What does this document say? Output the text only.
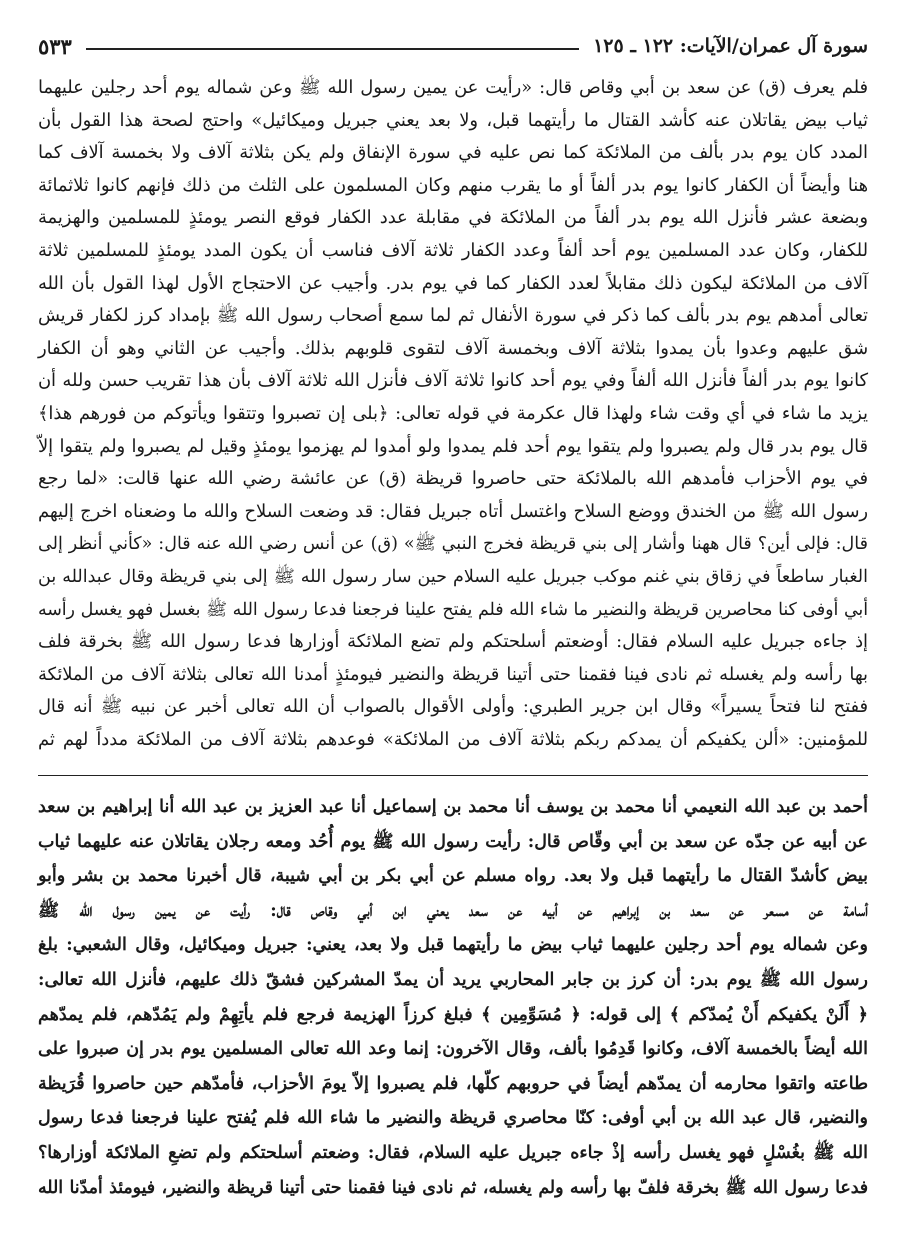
سورة آل عمران/الآيات: ١٢٢ ـ ١٢٥
٥٣٣

فلم يعرف (ق) عن سعد بن أبي وقاص قال: «رأيت عن يمين رسول الله ﷺ وعن شماله يوم أحد رجلين عليهما

ثياب بيض يقاتلان عنه كأشد القتال ما رأيتهما قبل، ولا بعد يعني جبريل وميكائيل» واحتج لصحة هذا القول بأن

المدد كان يوم بدر بألف من الملائكة كما نص عليه في سورة الإنفاق ولم يكن بثلاثة آلاف ولا بخمسة آلاف كما

هنا وأيضاً أن الكفار كانوا يوم بدر ألفاً أو ما يقرب منهم وكان المسلمون على الثلث من ذلك فإنهم كانوا ثلاثمائة

وبضعة عشر فأنزل الله يوم بدر ألفاً من الملائكة في مقابلة عدد الكفار فوقع النصر يومئذٍ للمسلمين والهزيمة

للكفار، وكان عدد المسلمين يوم أحد ألفاً وعدد الكفار ثلاثة آلاف فناسب أن يكون المدد يومئذٍ للمسلمين ثلاثة

آلاف من الملائكة ليكون ذلك مقابلاً لعدد الكفار كما في يوم بدر. وأجيب عن الاحتجاج الأول لهذا القول بأن الله

تعالى أمدهم يوم بدر بألف كما ذكر في سورة الأنفال ثم لما سمع أصحاب رسول الله ﷺ بإمداد كرز لكفار قريش

شق عليهم وعدوا بأن يمدوا بثلاثة آلاف وبخمسة آلاف لتقوى قلوبهم بذلك. وأجيب عن الثاني وهو أن الكفار

كانوا يوم بدر ألفاً فأنزل الله ألفاً وفي يوم أحد كانوا ثلاثة آلاف فأنزل الله ثلاثة آلاف بأن هذا تقريب حسن ولله أن

يزيد ما شاء في أي وقت شاء ولهذا قال عكرمة في قوله تعالى: ﴿بلى إن تصبروا وتتقوا ويأتوكم من فورهم هذا﴾

قال يوم بدر قال ولم يصبروا ولم يتقوا يوم أحد فلم يمدوا ولو أمدوا لم يهزموا يومئذٍ وقيل لم يصبروا ولم يتقوا إلاّ

في يوم الأحزاب فأمدهم الله بالملائكة حتى حاصروا قريظة (ق) عن عائشة رضي الله عنها قالت: «لما رجع

رسول الله ﷺ من الخندق ووضع السلاح واغتسل أتاه جبريل فقال: قد وضعت السلاح والله ما وضعناه اخرج إليهم

قال: فإلى أين؟ قال ههنا وأشار إلى بني قريظة فخرج النبي ﷺ» (ق) عن أنس رضي الله عنه قال: «كأني أنظر إلى

الغبار ساطعاً في زقاق بني غنم موكب جبريل عليه السلام حين سار رسول الله ﷺ إلى بني قريظة وقال عبدالله بن

أبي أوفى كنا محاصرين قريظة والنضير ما شاء الله فلم يفتح علينا فرجعنا فدعا رسول الله ﷺ بغسل فهو يغسل رأسه

إذ جاءه جبريل عليه السلام فقال: أوضعتم أسلحتكم ولم تضع الملائكة أوزارها فدعا رسول الله ﷺ بخرقة فلف

بها رأسه ولم يغسله ثم نادى فينا فقمنا حتى أتينا قريظة والنضير فيومئذٍ أمدنا الله تعالى بثلاثة آلاف من الملائكة

ففتح لنا فتحاً يسيراً» وقال ابن جرير الطبري: وأولى الأقوال بالصواب أن الله تعالى أخبر عن نبيه ﷺ أنه قال

للمؤمنين: «ألن يكفيكم أن يمدكم ربكم بثلاثة آلاف من الملائكة» فوعدهم بثلاثة آلاف من الملائكة مدداً لهم ثم

أحمد بن عبد الله النعيمي أنا محمد بن يوسف أنا محمد بن إسماعيل أنا عبد العزيز بن عبد الله أنا إبراهيم بن سعد

عن أبيه عن جدّه عن سعد بن أبي وقّاص قال: رأيت رسول الله ﷺ يوم أُحُد ومعه رجلان يقاتلان عنه عليهما ثياب

بيض كأشدّ القتال ما رأيتهما قبل ولا بعد. رواه مسلم عن أبي بكر بن أبي شيبة، قال أخبرنا محمد بن بشر وأبو

أسامة عن مسعر عن سعد بن إبراهيم عن أبيه عن سعد يعني ابن أبي وقاص قال: رأيت عن يمين رسول الله ﷺ

وعن شماله يوم أحد رجلين عليهما ثياب بيض ما رأيتهما قبل ولا بعد، يعني: جبريل وميكائيل، وقال الشعبي: بلغ

رسول الله ﷺ يوم بدر: أن كرز بن جابر المحاربي يريد أن يمدّ المشركين فشقّ ذلك عليهم، فأنزل الله تعالى:

﴿ أَلَنْ يكفيكم أَنْ يُمدّكم ﴾ إلى قوله: ﴿ مُسَوِّمِين ﴾ فبلغ كرزاً الهزيمة فرجع فلم يأتِهِمْ ولم يَمُدّهم، فلم يمدّهم

الله أيضاً بالخمسة آلاف، وكانوا قَدِمُوا بألف، وقال الآخرون: إنما وعد الله تعالى المسلمين يوم بدر إن صبروا على

طاعته واتقوا محارمه أن يمدّهم أيضاً في حروبهم كلّها، فلم يصبروا إلاّ يومَ الأحزاب، فأمدّهم حين حاصروا قُرَيظة

والنضير، قال عبد الله بن أبي أوفى: كنّا محاصري قريظة والنضير ما شاء الله فلم يُفتح علينا فرجعنا فدعا رسول

الله ﷺ بغُسْلٍ فهو يغسل رأسه إذْ جاءه جبريل عليه السلام، فقال: وضعتم أسلحتكم ولم تضعِ الملائكة أوزارها؟

فدعا رسول الله ﷺ بخرقة فلفّ بها رأسه ولم يغسله، ثم نادى فينا فقمنا حتى أتينا قريظة والنضير، فيومئذ أمدّنا الله
